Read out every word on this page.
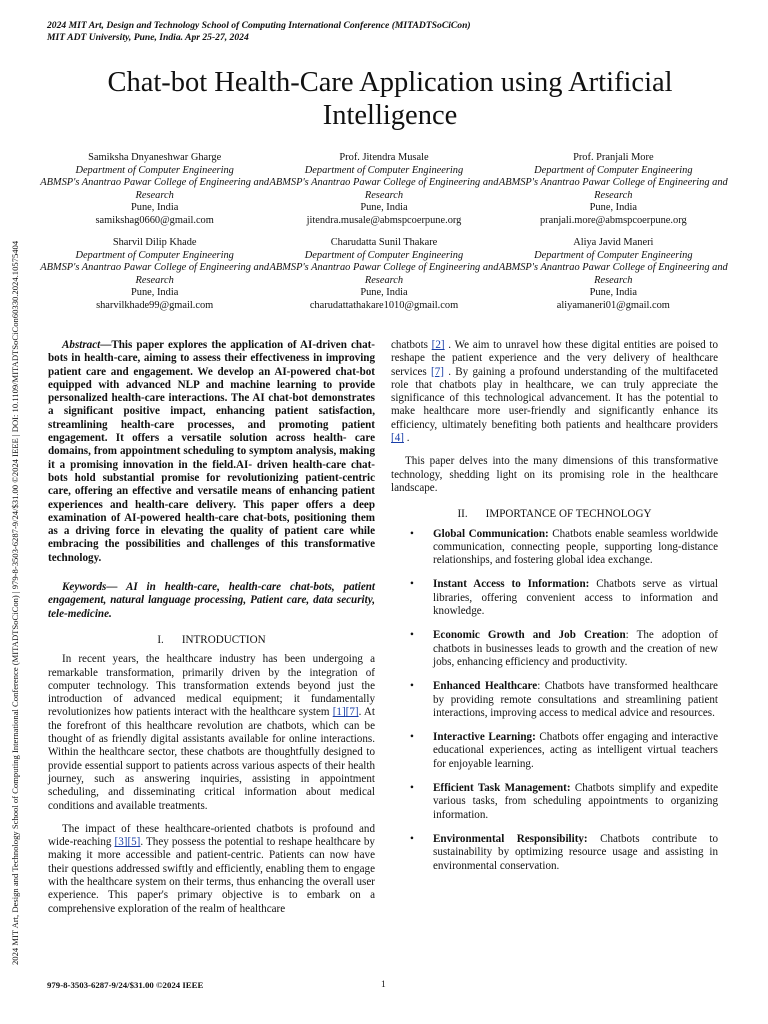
2024 MIT Art, Design and Technology School of Computing International Conference (MITADTSoCiCon)
MIT ADT University, Pune, India. Apr 25-27, 2024
Chat-bot Health-Care Application using Artificial Intelligence
Samiksha Dnyaneshwar Gharge
Department of Computer Engineering
ABMSP's Anantrao Pawar College of Engineering and Research
Pune, India
samikshag0660@gmail.com
Prof. Jitendra Musale
Department of Computer Engineering
ABMSP's Anantrao Pawar College of Engineering and Research
Pune, India
jitendra.musale@abmspcoerpune.org
Prof. Pranjali More
Department of Computer Engineering
ABMSP's Anantrao Pawar College of Engineering and Research
Pune, India
pranjali.more@abmspcoerpune.org
Sharvil Dilip Khade
Department of Computer Engineering
ABMSP's Anantrao Pawar College of Engineering and Research
Pune, India
sharvilkhade99@gmail.com
Charudatta Sunil Thakare
Department of Computer Engineering
ABMSP's Anantrao Pawar College of Engineering and Research
Pune, India
charudattathakare1010@gmail.com
Aliya Javid Maneri
Department of Computer Engineering
ABMSP's Anantrao Pawar College of Engineering and Research
Pune, India
aliyamaneri01@gmail.com

Abstract—This paper explores the application of AI-driven chat-bots in health-care, aiming to assess their effectiveness in improving patient care and engagement. We develop an AI-powered chat-bot equipped with advanced NLP and machine learning to provide personalized health-care interactions. The AI chat-bot demonstrates a significant positive impact, enhancing patient satisfaction, streamlining health-care processes, and promoting patient engagement. It offers a versatile solution across health- care domains, from appointment scheduling to symptom analysis, making it a promising innovation in the field.AI- driven health-care chat-bots hold substantial promise for revolutionizing patient-centric care, offering an effective and versatile means of enhancing patient experiences and health-care delivery. This paper offers a deep examination of AI-powered health-care chat-bots, positioning them as a driving force in elevating the quality of patient care while embracing the possibilities and challenges of this transformative technology.

Keywords— AI in health-care, health-care chat-bots, patient engagement, natural language processing, Patient care, data security, tele-medicine.

I. INTRODUCTION

In recent years, the healthcare industry has been undergoing a remarkable transformation, primarily driven by the integration of computer technology. This transformation extends beyond just the introduction of advanced medical equipment; it fundamentally revolutionizes how patients interact with the healthcare system [1][7]. At the forefront of this healthcare revolution are chatbots, which can be thought of as friendly digital assistants available for online interactions. Within the healthcare sector, these chatbots are thoughtfully designed to provide essential support to patients across various aspects of their health journey, such as answering inquiries, assisting in appointment scheduling, and disseminating critical information about medical conditions and available treatments.

The impact of these healthcare-oriented chatbots is profound and wide-reaching [3][5]. They possess the potential to reshape healthcare by making it more accessible and patient-centric. Patients can now have their questions addressed swiftly and efficiently, enabling them to engage with the healthcare system on their terms, thus enhancing the overall user experience. This paper's primary objective is to embark on a comprehensive exploration of the realm of healthcare

chatbots [2] . We aim to unravel how these digital entities are poised to reshape the patient experience and the very delivery of healthcare services [7] . By gaining a profound understanding of the multifaceted role that chatbots play in healthcare, we can truly appreciate the significance of this technological advancement. It has the potential to make healthcare more user-friendly and significantly enhance its efficiency, ultimately benefiting both patients and healthcare providers [4] .

This paper delves into the many dimensions of this transformative technology, shedding light on its promising role in the healthcare landscape.

II. IMPORTANCE OF TECHNOLOGY
• Global Communication: Chatbots enable seamless worldwide communication, connecting people, supporting long-distance relationships, and fostering global idea exchange.
• Instant Access to Information: Chatbots serve as virtual libraries, offering convenient access to information and knowledge.
• Economic Growth and Job Creation: The adoption of chatbots in businesses leads to growth and the creation of new jobs, enhancing efficiency and productivity.
• Enhanced Healthcare: Chatbots have transformed healthcare by providing remote consultations and streamlining patient interactions, improving access to medical advice and resources.
• Interactive Learning: Chatbots offer engaging and interactive educational experiences, acting as intelligent virtual teachers for enjoyable learning.
• Efficient Task Management: Chatbots simplify and expedite various tasks, from scheduling appointments to organizing information.
• Environmental Responsibility: Chatbots contribute to sustainability by optimizing resource usage and assisting in environmental conservation.
2024 MIT Art, Design and Technology School of Computing International Conference (MITADTSoCiCon) | 979-8-3503-6287-9/24/$31.00 ©2024 IEEE | DOI: 10.1109/MITADTSoCiCon60330.2024.10575404
979-8-3503-6287-9/24/$31.00 ©2024 IEEE	1
